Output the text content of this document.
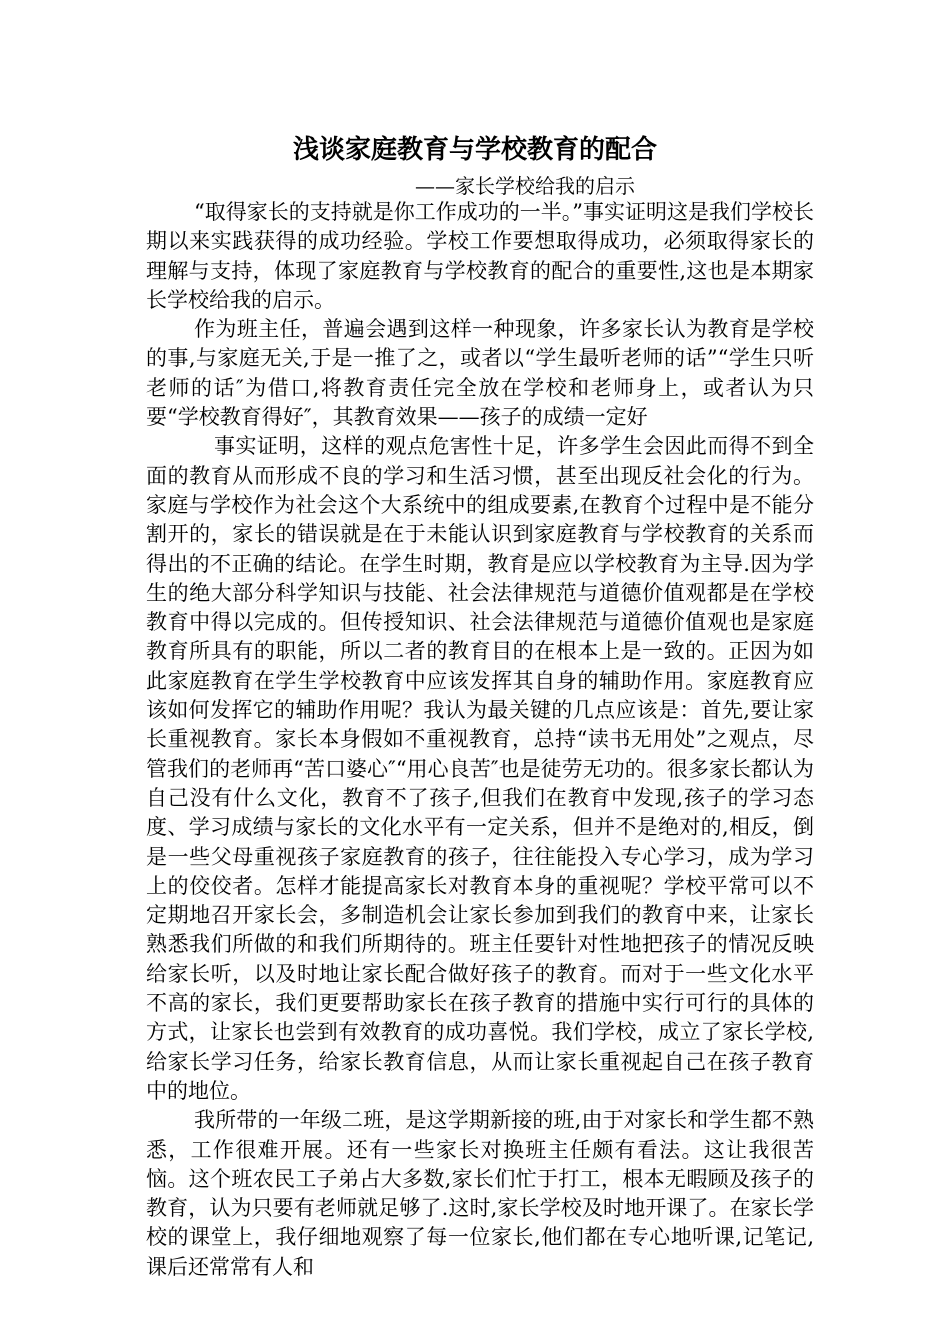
浅谈家庭教育与学校教育的配合

——家长学校给我的启示

“取得家长的支持就是你工作成功的一半。”事实证明这是我们学校长期以来实践获得的成功经验。学校工作要想取得成功，必须取得家长的理解与支持，体现了家庭教育与学校教育的配合的重要性,这也是本期家长学校给我的启示。

作为班主任，普遍会遇到这样一种现象，许多家长认为教育是学校的事,与家庭无关,于是一推了之，或者以“学生最听老师的话”“学生只听老师的话″为借口,将教育责任完全放在学校和老师身上，或者认为只要“学校教育得好″，其教育效果——孩子的成绩一定好

事实证明，这样的观点危害性十足，许多学生会因此而得不到全面的教育从而形成不良的学习和生活习惯，甚至出现反社会化的行为。家庭与学校作为社会这个大系统中的组成要素,在教育个过程中是不能分割开的，家长的错误就是在于未能认识到家庭教育与学校教育的关系而得出的不正确的结论。在学生时期，教育是应以学校教育为主导.因为学生的绝大部分科学知识与技能、社会法律规范与道德价值观都是在学校教育中得以完成的。但传授知识、社会法律规范与道德价值观也是家庭教育所具有的职能，所以二者的教育目的在根本上是一致的。正因为如此家庭教育在学生学校教育中应该发挥其自身的辅助作用。家庭教育应该如何发挥它的辅助作用呢？我认为最关键的几点应该是：首先,要让家长重视教育。家长本身假如不重视教育，总持“读书无用处”之观点，尽管我们的老师再“苦口婆心″“用心良苦″也是徒劳无功的。很多家长都认为自己没有什么文化，教育不了孩子,但我们在教育中发现,孩子的学习态度、学习成绩与家长的文化水平有一定关系，但并不是绝对的,相反，倒是一些父母重视孩子家庭教育的孩子，往往能投入专心学习，成为学习上的佼佼者。怎样才能提高家长对教育本身的重视呢？学校平常可以不定期地召开家长会，多制造机会让家长参加到我们的教育中来，让家长熟悉我们所做的和我们所期待的。班主任要针对性地把孩子的情况反映给家长听，以及时地让家长配合做好孩子的教育。而对于一些文化水平不高的家长，我们更要帮助家长在孩子教育的措施中实行可行的具体的方式，让家长也尝到有效教育的成功喜悦。我们学校，成立了家长学校,给家长学习任务，给家长教育信息，从而让家长重视起自己在孩子教育中的地位。

我所带的一年级二班，是这学期新接的班,由于对家长和学生都不熟悉，工作很难开展。还有一些家长对换班主任颇有看法。这让我很苦恼。这个班农民工子弟占大多数,家长们忙于打工，根本无暇顾及孩子的教育，认为只要有老师就足够了.这时,家长学校及时地开课了。在家长学校的课堂上，我仔细地观察了每一位家长,他们都在专心地听课,记笔记,课后还常常有人和
